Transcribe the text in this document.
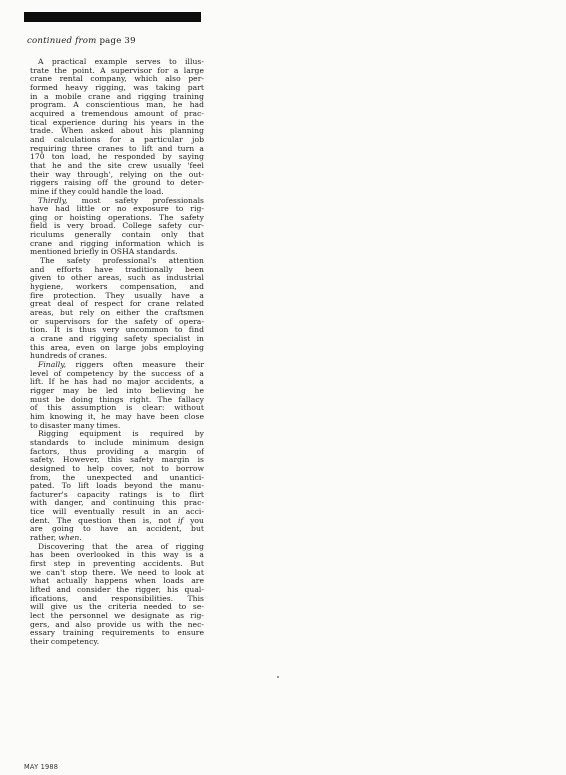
continued from page 39

A practical example serves to illus-
trate the point. A supervisor for a large
crane rental company, which also per-
formed heavy rigging, was taking part
in a mobile crane and rigging training
program. A conscientious man, he had
acquired a tremendous amount of prac-
tical experience during his years in the
trade. When asked about his planning
and calculations for a particular job
requiring three cranes to lift and turn a
170 ton load, he responded by saying
that he and the site crew usually 'feel
their way through', relying on the out-
riggers raising off the ground to deter-
mine if they could handle the load.

Thirdly, most safety professionals
have had little or no exposure to rig-
ging or hoisting operations. The safety
field is very broad. College safety cur-
riculums generally contain only that
crane and rigging information which is
mentioned briefly in OSHA standards.

The safety professional's attention
and efforts have traditionally been
given to other areas, such as industrial
hygiene, workers compensation, and
fire protection. They usually have a
great deal of respect for crane related
areas, but rely on either the craftsmen
or supervisors for the safety of opera-
tion. It is thus very uncommon to find
a crane and rigging safety specialist in
this area, even on large jobs employing
hundreds of cranes.

Finally, riggers often measure their
level of competency by the success of a
lift. If he has had no major accidents, a
rigger may be led into believing he
must be doing things right. The fallacy
of this assumption is clear: without
him knowing it, he may have been close
to disaster many times.

Rigging equipment is required by
standards to include minimum design
factors, thus providing a margin of
safety. However, this safety margin is
designed to help cover, not to borrow
from, the unexpected and unantici-
pated. To lift loads beyond the manu-
facturer's capacity ratings is to flirt
with danger, and continuing this prac-
tice will eventually result in an acci-
dent. The question then is, not if you
are going to have an accident, but
rather, when.

Discovering that the area of rigging
has been overlooked in this way is a
first step in preventing accidents. But
we can't stop there. We need to look at
what actually happens when loads are
lifted and consider the rigger, his qual-
ifications, and responsibilities. This
will give us the criteria needed to se-
lect the personnel we designate as rig-
gers, and also provide us with the nec-
essary training requirements to ensure
their competency.

MAY 1988
